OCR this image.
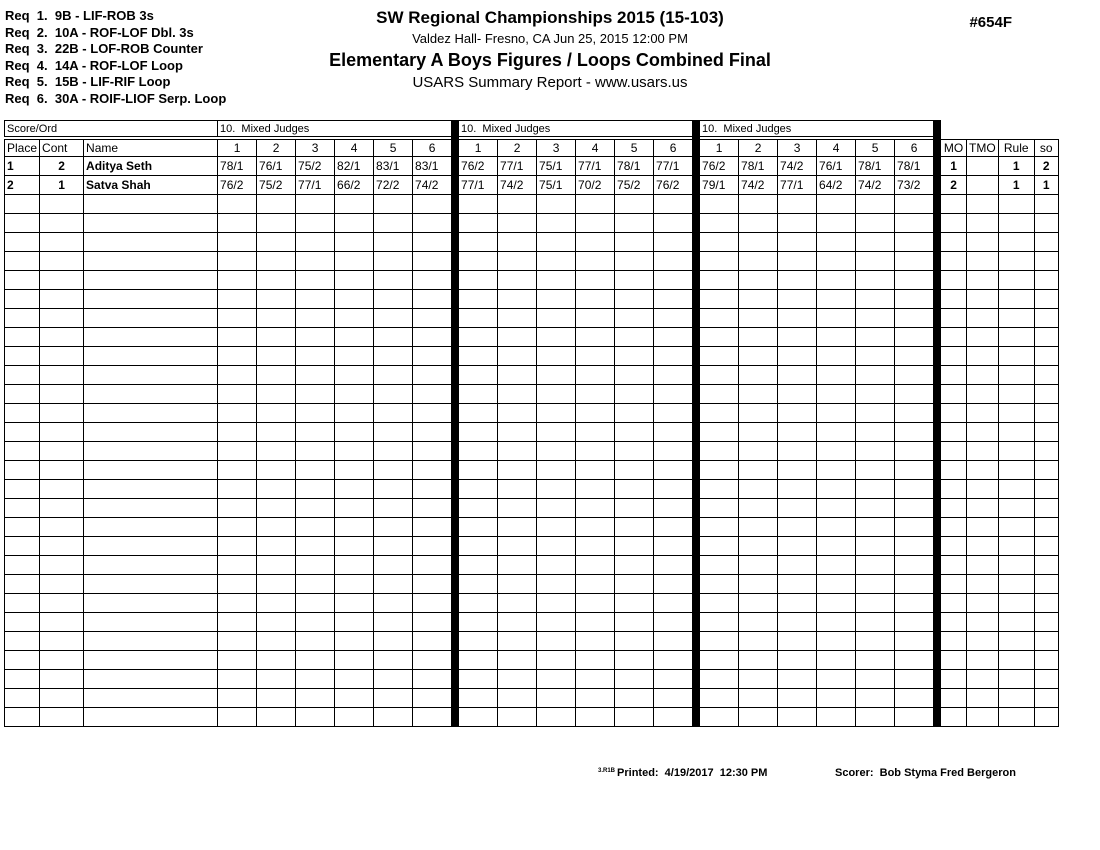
Req  1.  9B - LIF-ROB 3s
Req  2.  10A - ROF-LOF Dbl. 3s
Req  3.  22B - LOF-ROB Counter
Req  4.  14A - ROF-LOF Loop
Req  5.  15B - LIF-RIF Loop
Req  6.  30A - ROIF-LIOF Serp. Loop
SW Regional Championships 2015 (15-103)
Valdez Hall- Fresno, CA Jun 25, 2015 12:00 PM
Elementary A Boys Figures / Loops Combined Final
USARS Summary Report - www.usars.us
#654F
Score/Ord			10.  Mixed Judges							10.  Mixed Judges							10.  Mixed Judges										

Place	Cont	Name	1	2	3	4	5	6		1	2	3	4	5	6		1	2	3	4	5	6		MO	TMO	Rule	so
1	2	Aditya Seth	78/1	76/1	75/2	82/1	83/1	83/1		76/2	77/1	75/1	77/1	78/1	77/1		76/2	78/1	74/2	76/1	78/1	78/1		1		1	2
2	1	Satva Shah	76/2	75/2	77/1	66/2	72/2	74/2		77/1	74/2	75/1	70/2	75/2	76/2		79/1	74/2	77/1	64/2	74/2	73/2		2		1	1

$^{3.R1B}$ Printed:  4/19/2017  12:30 PM	Scorer:  Bob Styma Fred Bergeron
